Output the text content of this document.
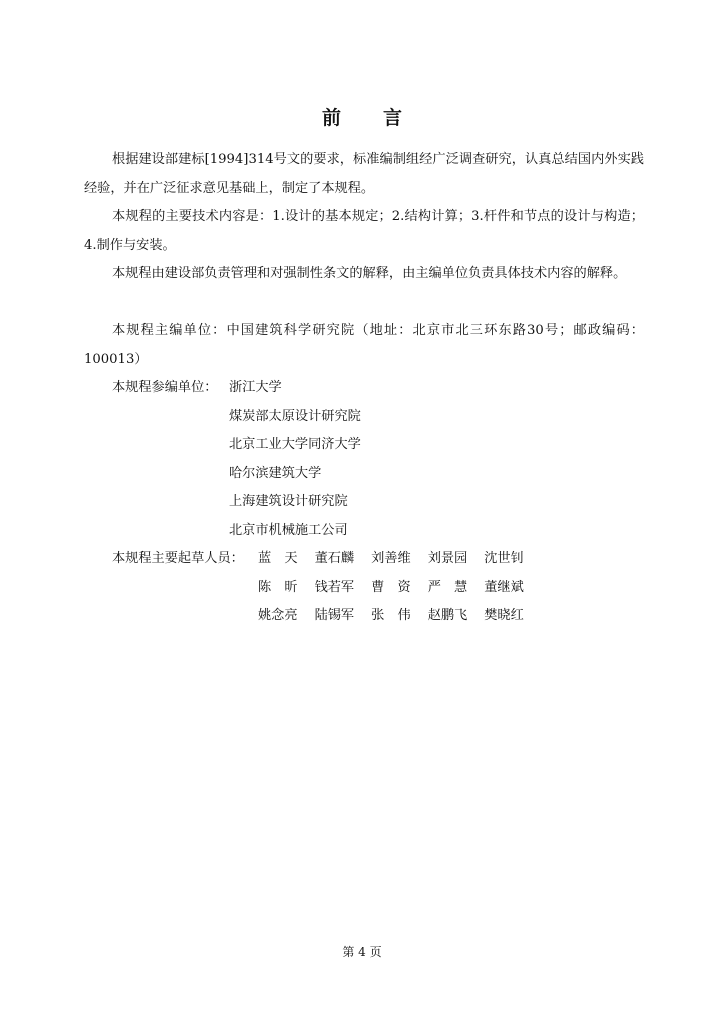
前 言
根据建设部建标[1994]314号文的要求，标准编制组经广泛调查研究，认真总结国内外实践经验，并在广泛征求意见基础上，制定了本规程。
本规程的主要技术内容是：1.设计的基本规定；2.结构计算；3.杆件和节点的设计与构造；4.制作与安装。
本规程由建设部负责管理和对强制性条文的解释，由主编单位负责具体技术内容的解释。
本规程主编单位：中国建筑科学研究院（地址：北京市北三环东路30号；邮政编码：100013）
本规程参编单位： 浙江大学
煤炭部太原设计研究院
北京工业大学同济大学
哈尔滨建筑大学
上海建筑设计研究院
北京市机械施工公司
本规程主要起草人员： 蓝　天 董石麟 刘善维 刘景园 沈世钊
陈　昕 钱若军 曹　资 严　慧 董继斌
姚念亮 陆锡军 张　伟 赵鹏飞 樊晓红
第 4 页
